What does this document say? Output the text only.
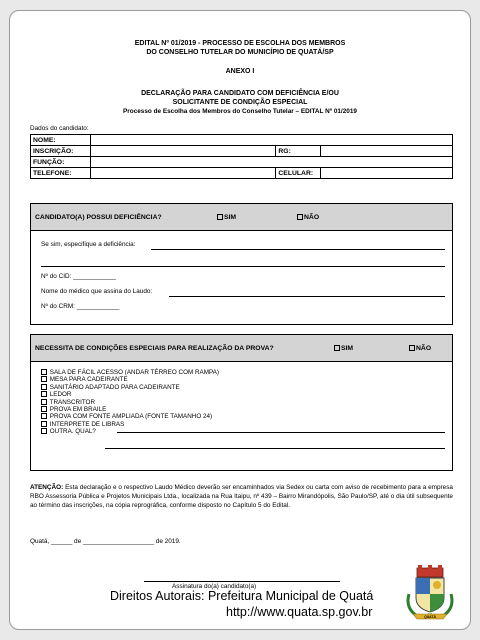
EDITAL Nº 01/2019 - PROCESSO DE ESCOLHA DOS MEMBROS
DO CONSELHO TUTELAR DO MUNICÍPIO DE QUATÁ/SP
ANEXO I
DECLARAÇÃO PARA CANDIDATO COM DEFICIÊNCIA E/OU
SOLICITANTE DE CONDIÇÃO ESPECIAL
Processo de Escolha dos Membros do Conselho Tutelar – EDITAL Nº 01/2019
Dados do candidato:
NOME:			
INSCRIÇÃO:		RG:	
FUNÇÃO:			
TELEFONE:		CELULAR:	
CANDIDATO(A) POSSUI DEFICIÊNCIA?	SIM	NÃO
Se sim, especifique a deficiência:
Nº do CID: ____________
Nome do médico que assina do Laudo:
Nº do CRM: ____________
NECESSITA DE CONDIÇÕES ESPECIAIS PARA REALIZAÇÃO DA PROVA?	SIM	NÃO
SALA DE FÁCIL ACESSO (ANDAR TÉRREO COM RAMPA)
MESA PARA CADEIRANTE
SANITÁRIO ADAPTADO PARA CADEIRANTE
LEDOR
TRANSCRITOR
PROVA EM BRAILE
PROVA COM FONTE AMPLIADA (FONTE TAMANHO 24)
INTERPRETE DE LIBRAS
OUTRA. QUAL?
ATENÇÃO: Esta declaração e o respectivo Laudo Médico deverão ser encaminhados via Sedex ou carta com aviso de recebimento para a empresa RBO Assessoria Pública e Projetos Municipais Ltda., localizada na Rua Itaipu, nº 439 – Bairro Mirandópolis, São Paulo/SP, até o dia útil subsequente ao término das inscrições, na cópia reprográfica, conforme disposto no Capítulo 5 do Edital.
Quatá, ______ de ____________________ de 2019.
Assinatura do(a) candidato(a)
Direitos Autorais: Prefeitura Municipal de Quatá
http://www.quata.sp.gov.br	QUATÁ
